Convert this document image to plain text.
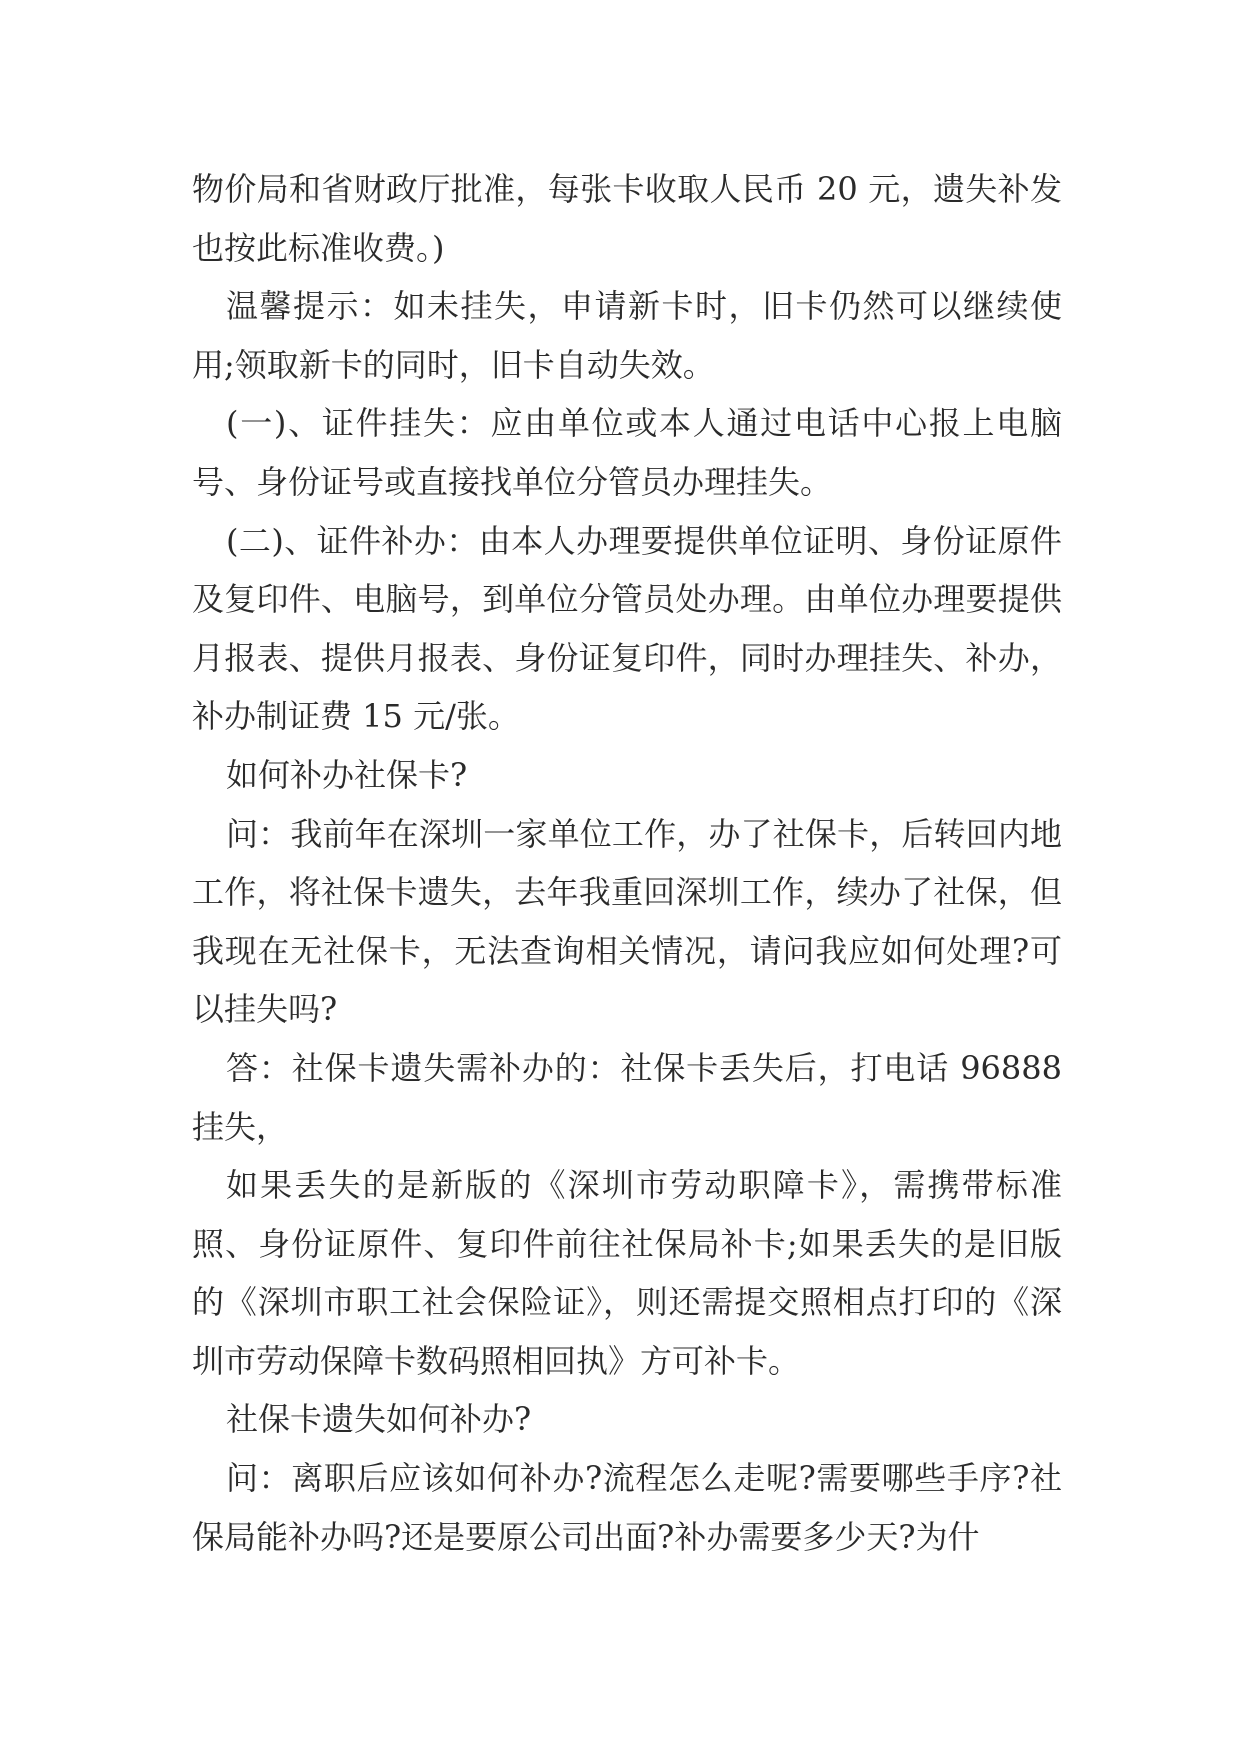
物价局和省财政厅批准，每张卡收取人民币 20 元，遗失补发也按此标准收费。)

温馨提示：如未挂失，申请新卡时，旧卡仍然可以继续使用;领取新卡的同时，旧卡自动失效。

(一)、证件挂失：应由单位或本人通过电话中心报上电脑号、身份证号或直接找单位分管员办理挂失。

(二)、证件补办：由本人办理要提供单位证明、身份证原件及复印件、电脑号，到单位分管员处办理。由单位办理要提供月报表、提供月报表、身份证复印件，同时办理挂失、补办，补办制证费 15 元/张。

如何补办社保卡?

问：我前年在深圳一家单位工作，办了社保卡，后转回内地工作，将社保卡遗失，去年我重回深圳工作，续办了社保，但我现在无社保卡，无法查询相关情况，请问我应如何处理?可以挂失吗?

答：社保卡遗失需补办的：社保卡丢失后，打电话 96888 挂失，

如果丢失的是新版的《深圳市劳动职障卡》，需携带标准照、身份证原件、复印件前往社保局补卡;如果丢失的是旧版的《深圳市职工社会保险证》，则还需提交照相点打印的《深圳市劳动保障卡数码照相回执》方可补卡。

社保卡遗失如何补办?

问：离职后应该如何补办?流程怎么走呢?需要哪些手序?社保局能补办吗?还是要原公司出面?补办需要多少天?为什
